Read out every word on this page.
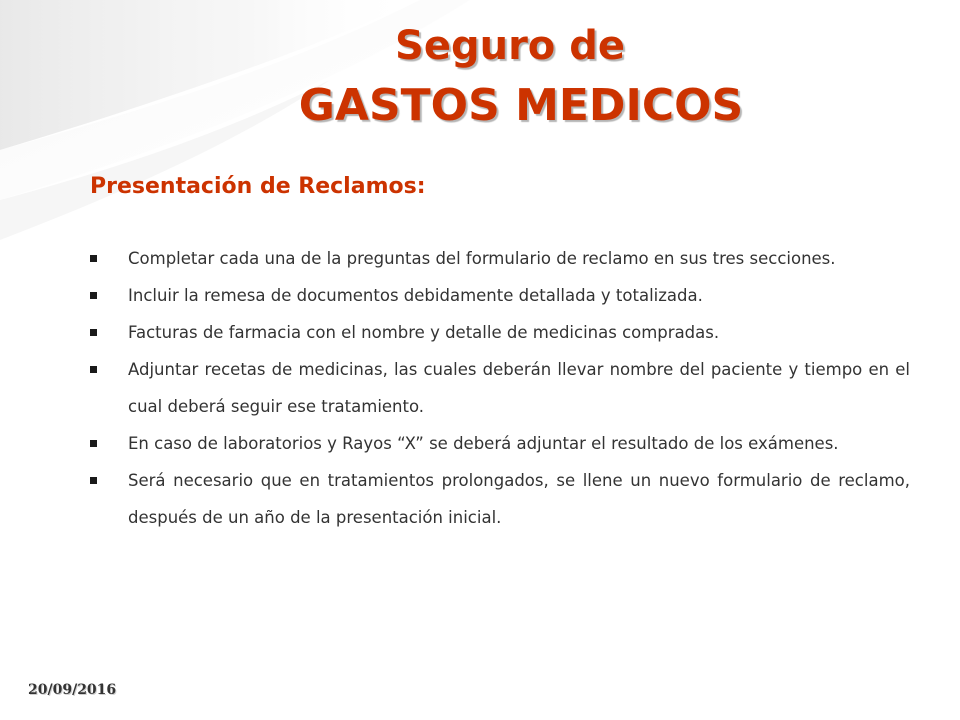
Seguro de
GASTOS MEDICOS
Presentación de Reclamos:
Completar cada una de la preguntas del formulario de reclamo en sus tres secciones.
Incluir la remesa de documentos debidamente detallada y totalizada.
Facturas de farmacia con el nombre y detalle de medicinas compradas.
Adjuntar recetas de medicinas, las cuales deberán llevar nombre del paciente y tiempo en el cual deberá seguir ese tratamiento.
En caso de laboratorios y Rayos “X” se deberá adjuntar el resultado de los exámenes.
Será necesario que en tratamientos prolongados, se llene un nuevo formulario de reclamo, después de un año de la presentación inicial.
20/09/2016
